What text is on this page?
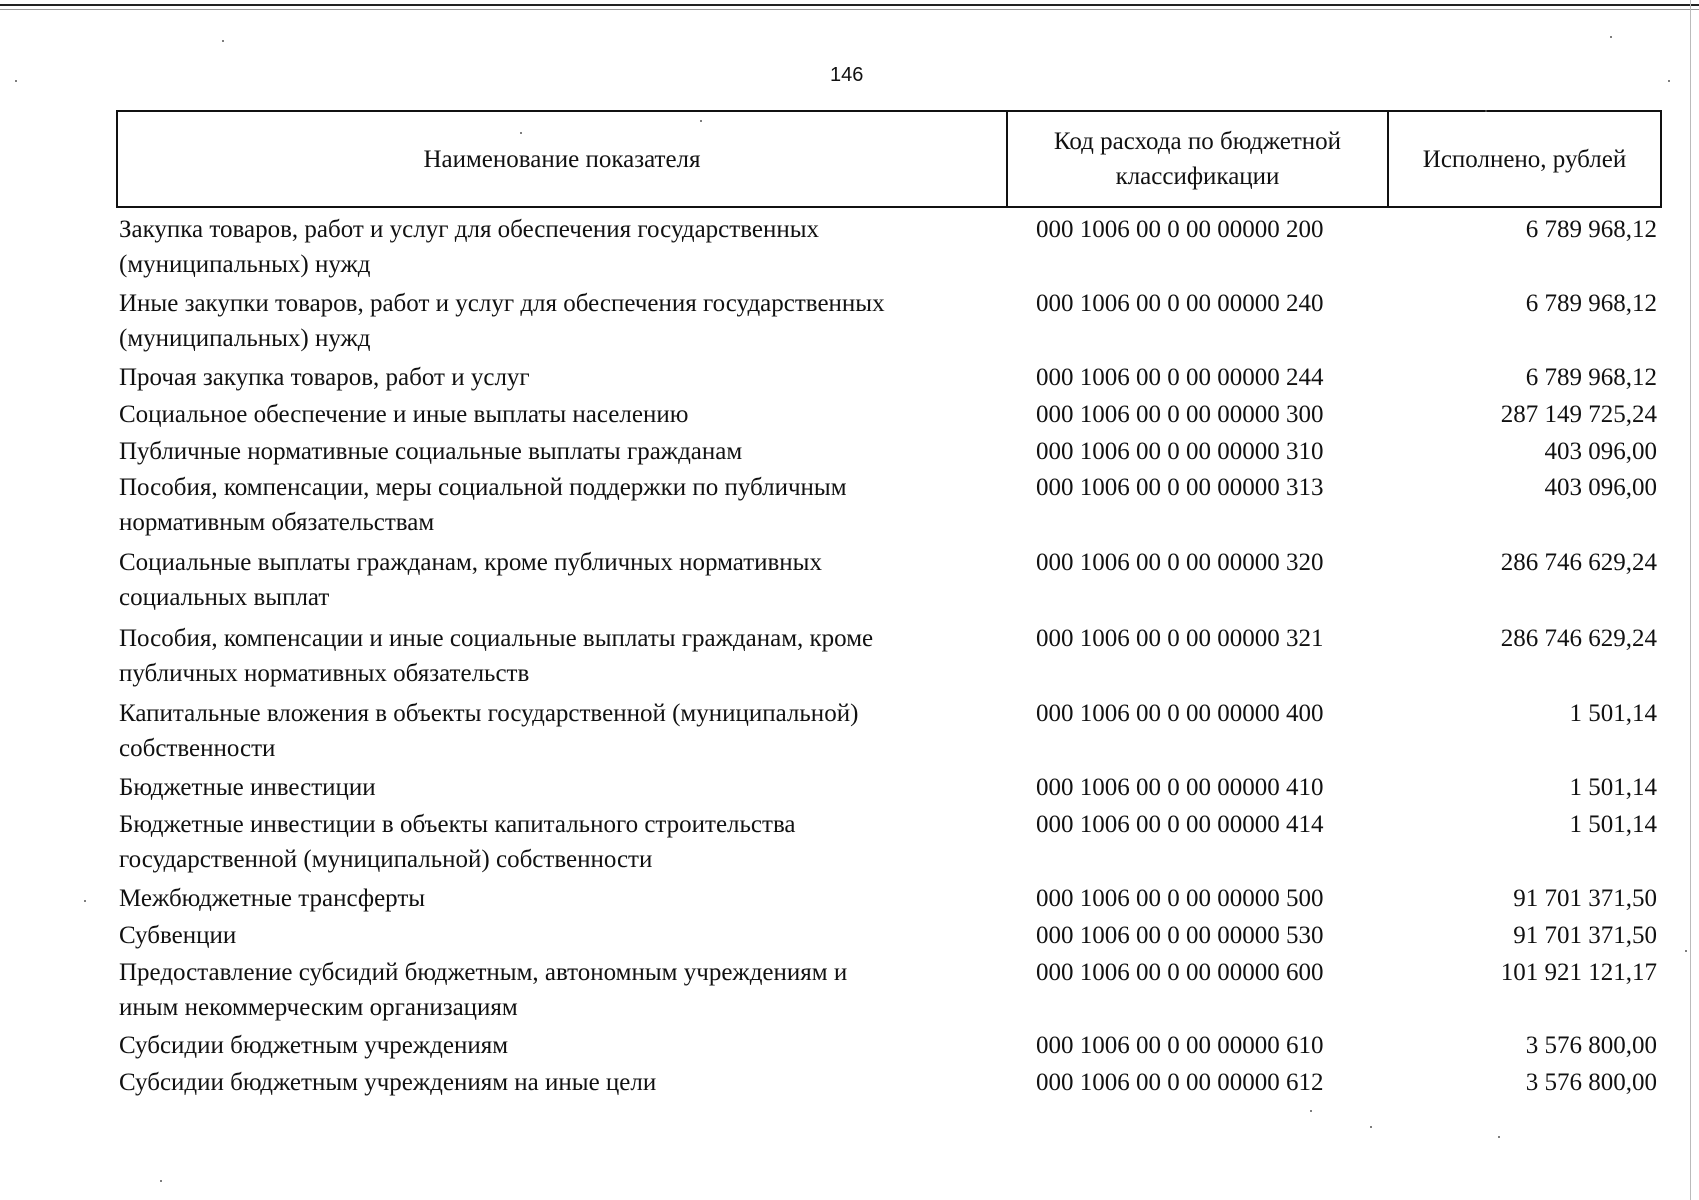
146
Наименование показателя
Код расхода по бюджетной классификации
Исполнено, рублей
Закупка товаров, работ и услуг для обеспечения государственных
(муниципальных) нужд
000 1006 00 0 00 00000 200	6 789 968,12
Иные закупки товаров, работ и услуг для обеспечения государственных
(муниципальных) нужд
000 1006 00 0 00 00000 240	6 789 968,12
Прочая закупка товаров, работ и услуг	000 1006 00 0 00 00000 244	6 789 968,12
Социальное обеспечение и иные выплаты населению	000 1006 00 0 00 00000 300	287 149 725,24
Публичные нормативные социальные выплаты гражданам	000 1006 00 0 00 00000 310	403 096,00
Пособия, компенсации, меры социальной поддержки по публичным
нормативным обязательствам
000 1006 00 0 00 00000 313	403 096,00
Социальные выплаты гражданам, кроме публичных нормативных
социальных выплат
000 1006 00 0 00 00000 320	286 746 629,24
Пособия, компенсации и иные социальные выплаты гражданам, кроме
публичных нормативных обязательств
000 1006 00 0 00 00000 321	286 746 629,24
Капитальные вложения в объекты государственной (муниципальной)
собственности
000 1006 00 0 00 00000 400	1 501,14
Бюджетные инвестиции	000 1006 00 0 00 00000 410	1 501,14
Бюджетные инвестиции в объекты капитального строительства
государственной (муниципальной) собственности
000 1006 00 0 00 00000 414	1 501,14
Межбюджетные трансферты	000 1006 00 0 00 00000 500	91 701 371,50
Субвенции	000 1006 00 0 00 00000 530	91 701 371,50
Предоставление субсидий бюджетным, автономным учреждениям и
иным некоммерческим организациям
000 1006 00 0 00 00000 600	101 921 121,17
Субсидии бюджетным учреждениям	000 1006 00 0 00 00000 610	3 576 800,00
Субсидии бюджетным учреждениям на иные цели	000 1006 00 0 00 00000 612	3 576 800,00
